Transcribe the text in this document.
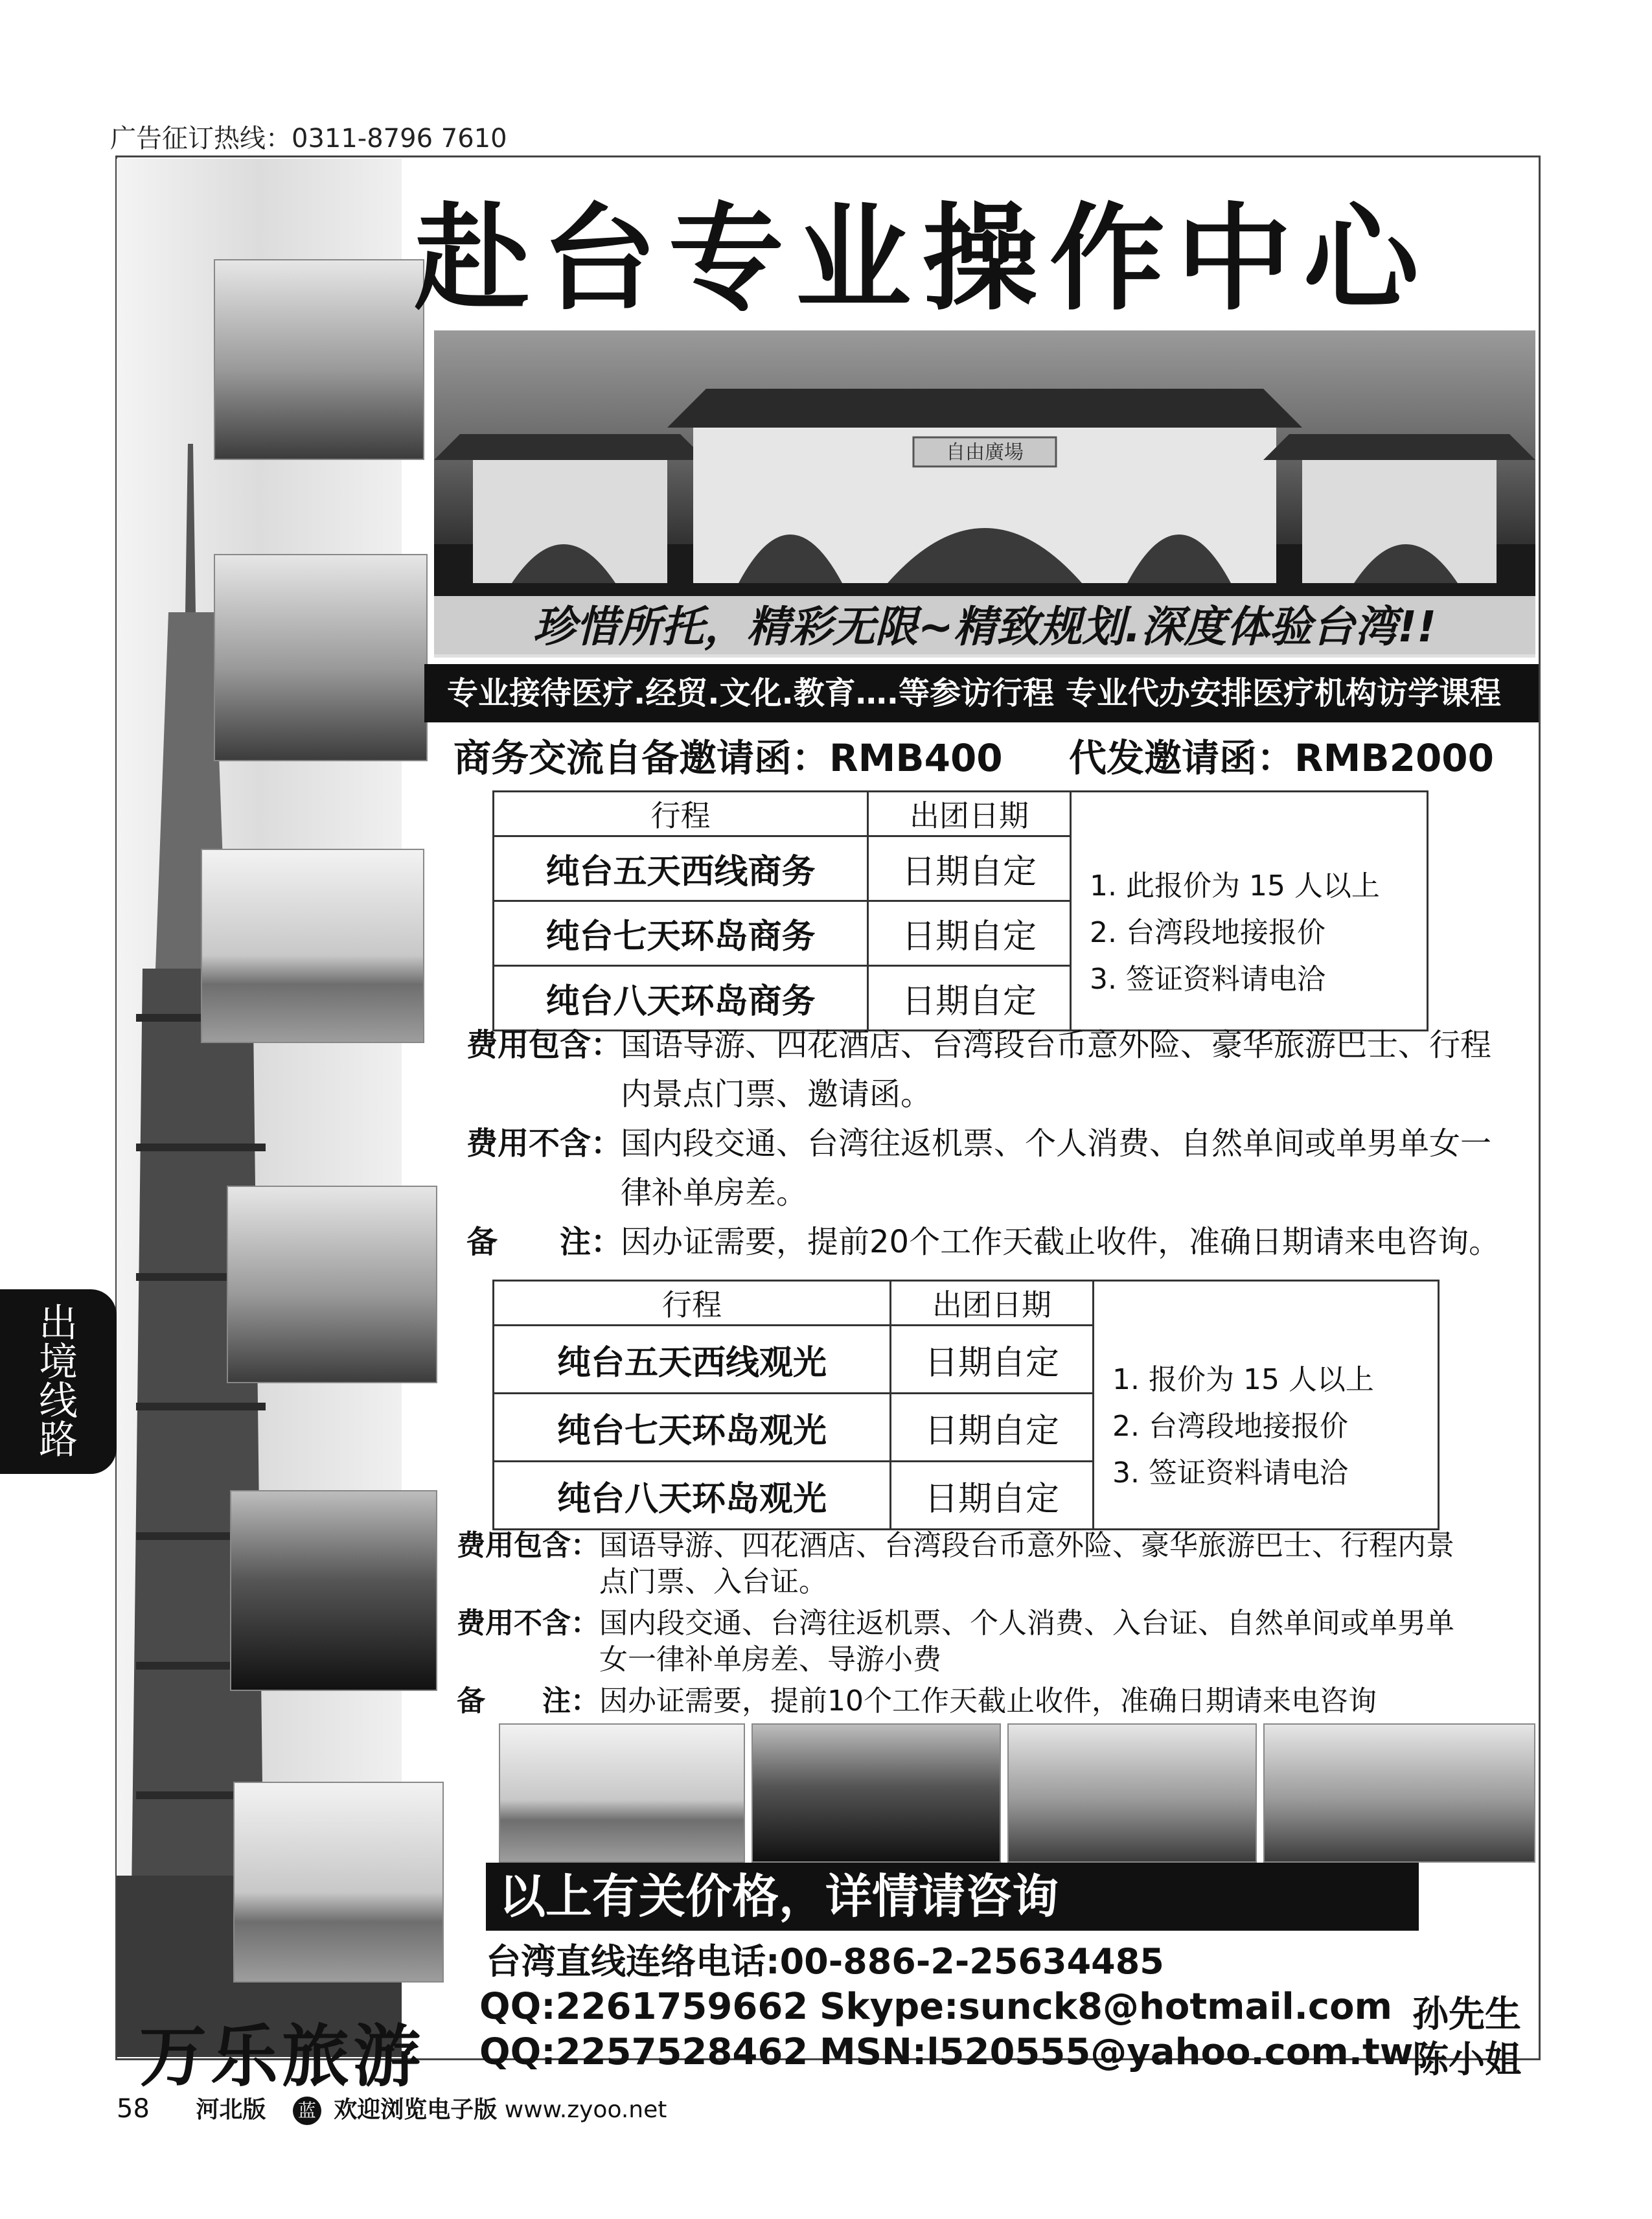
广告征订热线：0311-8796 7610
出
境
线
路
赴台专业操作中心
自由廣場
珍惜所托，精彩无限~精致规划.深度体验台湾!!
专业接待医疗.经贸.文化.教育….等参访行程 专业代办安排医疗机构访学课程
商务交流自备邀请函：RMB400 代发邀请函：RMB2000
行程	出团日期	
纯台五天西线商务	日期自定	1. 此报价为 15 人以上
2. 台湾段地接报价
3. 签证资料请电洽

纯台七天环岛商务	日期自定	
纯台八天环岛商务	日期自定	
费用包含：
国语导游、四花酒店、台湾段台币意外险、豪华旅游巴士、行程
内景点门票、邀请函。
费用不含：
国内段交通、台湾往返机票、个人消费、自然单间或单男单女一
律补单房差。
备　　注：
因办证需要，提前20个工作天截止收件，准确日期请来电咨询。
行程	出团日期	
纯台五天西线观光	日期自定	1. 报价为 15 人以上
2. 台湾段地接报价
3. 签证资料请电洽

纯台七天环岛观光	日期自定	
纯台八天环岛观光	日期自定	
费用包含： 国语导游、四花酒店、台湾段台币意外险、豪华旅游巴士、行程内景
点门票、入台证。
费用不含： 国内段交通、台湾往返机票、个人消费、入台证、自然单间或单男单
女一律补单房差、导游小费
备　　注： 因办证需要，提前10个工作天截止收件，准确日期请来电咨询
以上有关价格，详情请咨询
台湾直线连络电话:00-886-2-25634485
QQ:2261759662 Skype:sunck8@hotmail.com 孙先生
QQ:2257528462 MSN:l520555@yahoo.com.tw
陈小姐
万乐旅游
58 河北版 蓝 欢迎浏览电子版 www.zyoo.net
